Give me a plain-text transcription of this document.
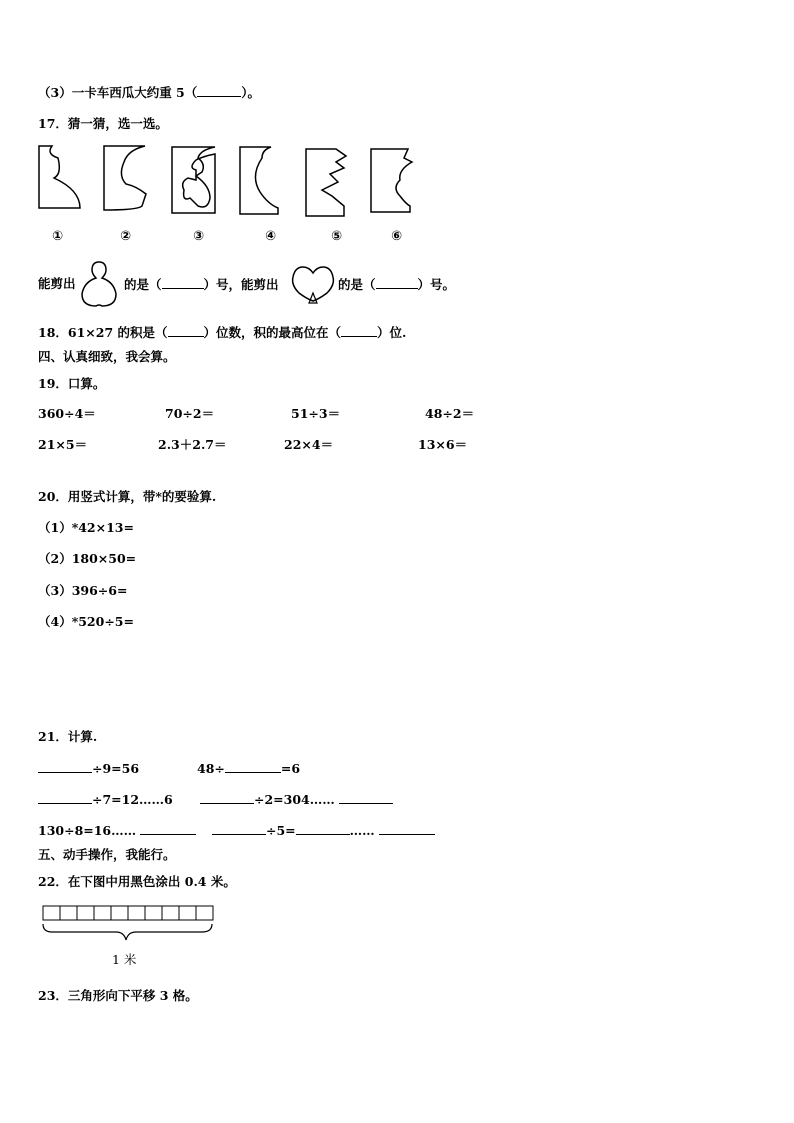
（3）一卡车西瓜大约重 5（	）。
17．猜一猜，选一选。
①	②	③	④	⑤	⑥
能剪出	的是（	）号，能剪出	的是（	）号。
18．61×27 的积是（	）位数，积的最高位在（	）位.
四、认真细致，我会算。
19．口算。
360÷4＝	70÷2＝	51÷3＝	48÷2＝
21×5＝	2.3＋2.7＝	22×4＝	13×6＝
20．用竖式计算，带*的要验算.
（1）*42×13=
（2）180×50=
（3）396÷6=
（4）*520÷5=
21．计算.
÷9=56	48÷	=6
÷7=12……6	÷2=304……
130÷8=16……	÷5=	……
五、动手操作，我能行。
22．在下图中用黑色涂出 0.4 米。
1 米
23．三角形向下平移 3 格。
